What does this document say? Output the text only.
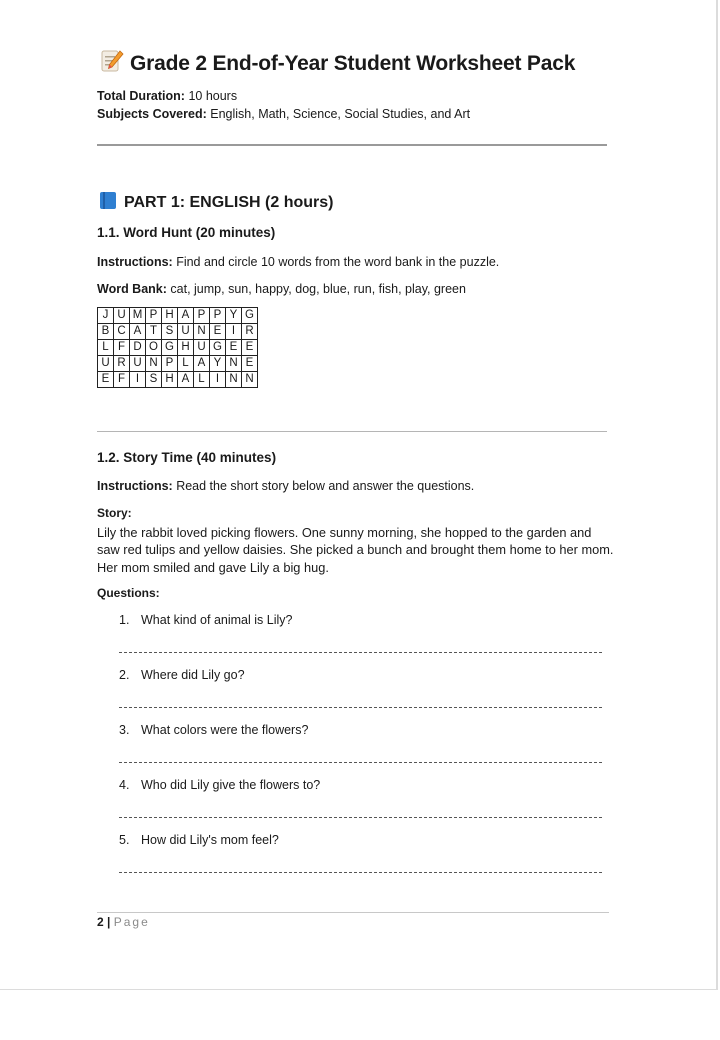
Grade 2 End-of-Year Student Worksheet Pack
Total Duration: 10 hours
Subjects Covered: English, Math, Science, Social Studies, and Art
PART 1: ENGLISH (2 hours)
1.1. Word Hunt (20 minutes)
Instructions: Find and circle 10 words from the word bank in the puzzle.
Word Bank: cat, jump, sun, happy, dog, blue, run, fish, play, green
J	U	M	P	H	A	P	P	Y	G
B	C	A	T	S	U	N	E	I	R
L	F	D	O	G	H	U	G	E	E
U	R	U	N	P	L	A	Y	N	E
E	F	I	S	H	A	L	I	N	N
1.2. Story Time (40 minutes)
Instructions: Read the short story below and answer the questions.
Story:
Lily the rabbit loved picking flowers. One sunny morning, she hopped to the garden and saw red tulips and yellow daisies. She picked a bunch and brought them home to her mom. Her mom smiled and gave Lily a big hug.
Questions:
1. What kind of animal is Lily?
2. Where did Lily go?
3. What colors were the flowers?
4. Who did Lily give the flowers to?
5. How did Lily's mom feel?
2 | Page
